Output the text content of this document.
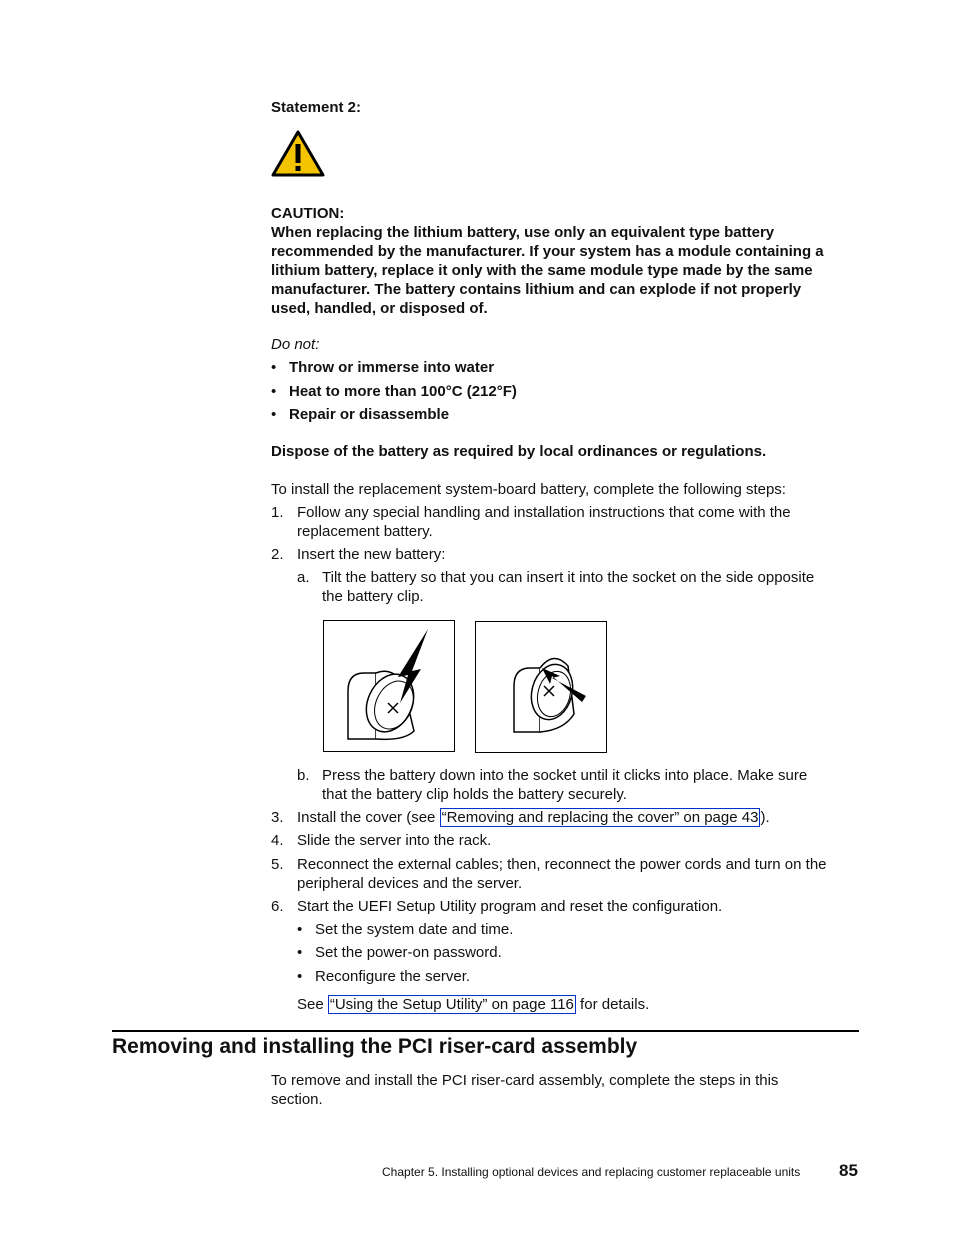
Statement 2:
CAUTION:
When replacing the lithium battery, use only an equivalent type battery
recommended by the manufacturer. If your system has a module containing a
lithium battery, replace it only with the same module type made by the same
manufacturer. The battery contains lithium and can explode if not properly
used, handled, or disposed of.
Do not:
• Throw or immerse into water
• Heat to more than 100°C (212°F)
• Repair or disassemble
Dispose of the battery as required by local ordinances or regulations.
To install the replacement system-board battery, complete the following steps:
1. Follow any special handling and installation instructions that come with the
replacement battery.
2. Insert the new battery:
a. Tilt the battery so that you can insert it into the socket on the side opposite
the battery clip.
b. Press the battery down into the socket until it clicks into place. Make sure
that the battery clip holds the battery securely.
3. Install the cover (see “Removing and replacing the cover” on page 43 ).
4. Slide the server into the rack.
5. Reconnect the external cables; then, reconnect the power cords and turn on the
peripheral devices and the server.
6. Start the UEFI Setup Utility program and reset the configuration.
• Set the system date and time.
• Set the power-on password.
• Reconfigure the server.
See “Using the Setup Utility” on page 116 for details.
Removing and installing the PCI riser-card assembly
To remove and install the PCI riser-card assembly, complete the steps in this
section.
Chapter 5. Installing optional devices and replacing customer replaceable units 85
